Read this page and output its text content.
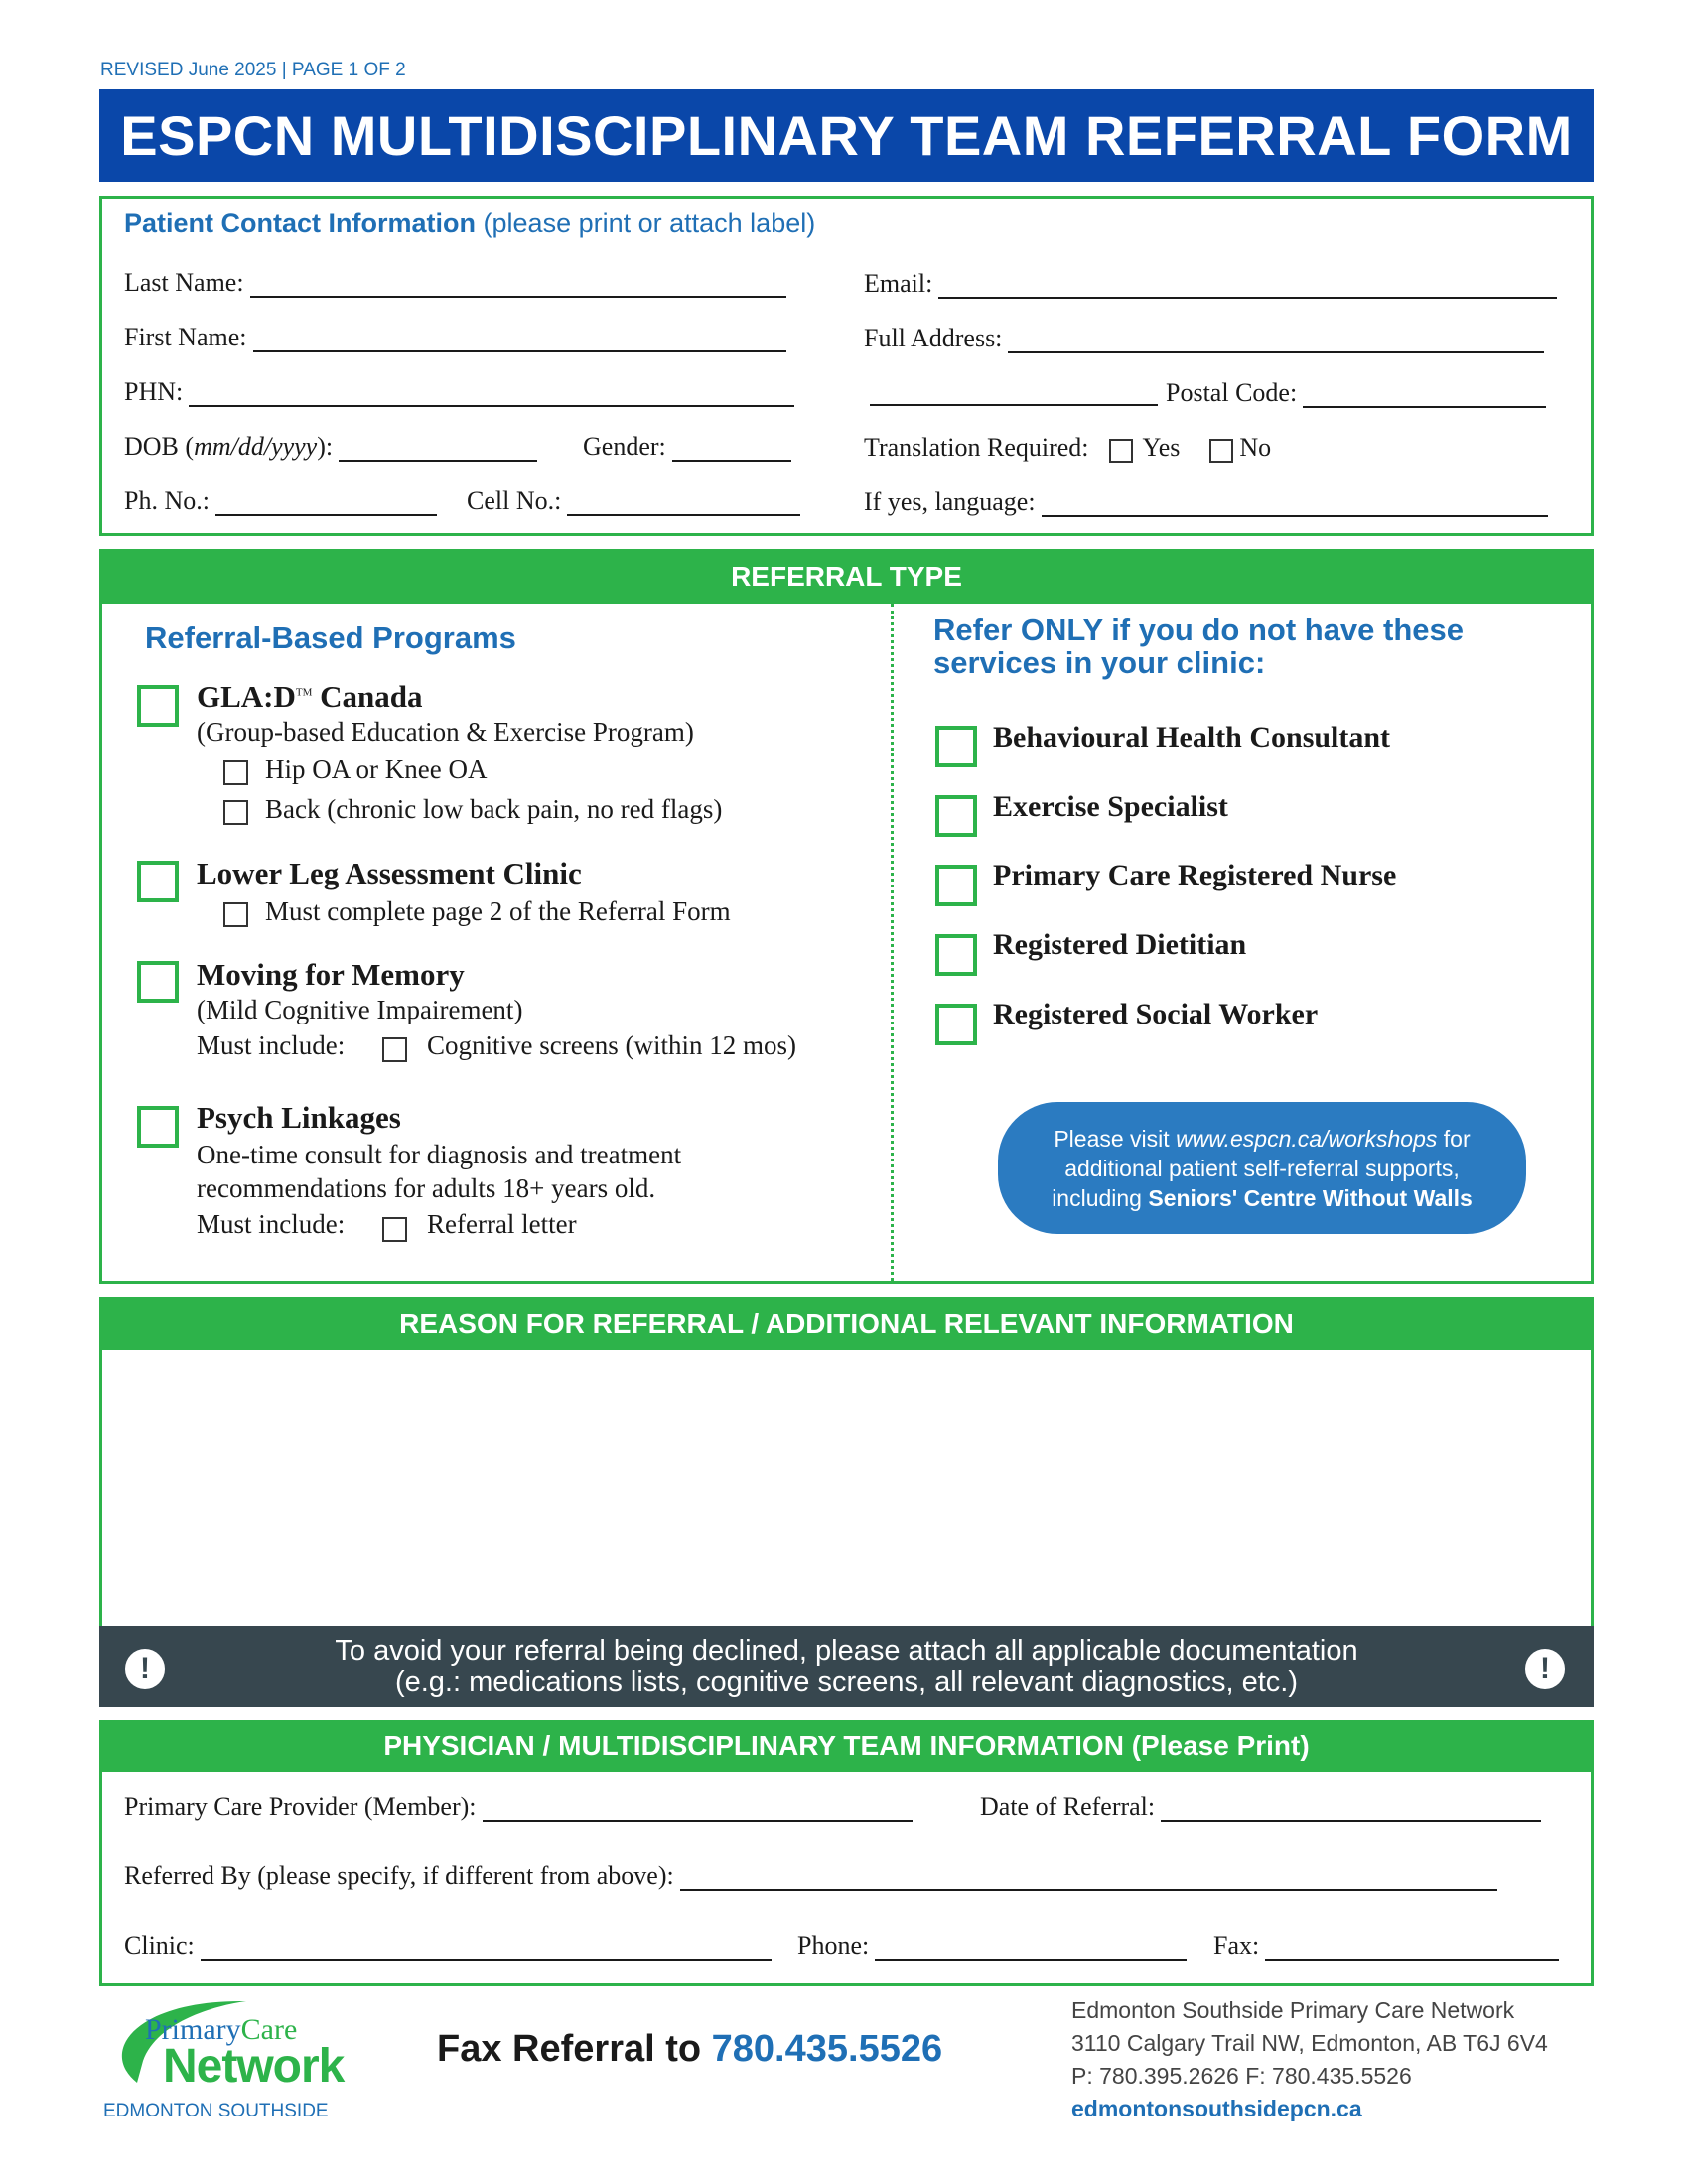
REVISED June 2025 | PAGE 1 OF 2
ESPCN MULTIDISCIPLINARY TEAM REFERRAL FORM
Patient Contact Information (please print or attach label)
Last Name:
First Name:
PHN:
DOB ( mm/dd/yyyy ):	Gender:
Ph. No.:	Cell No.:
Email:
Full Address:
Postal Code:
Translation Required: Yes No
If yes, language:
REFERRAL TYPE
Referral-Based Programs
GLA:D™ Canada
(Group-based Education & Exercise Program)
Hip OA or Knee OA
Back (chronic low back pain, no red flags)
Lower Leg Assessment Clinic
Must complete page 2 of the Referral Form
Moving for Memory
(Mild Cognitive Impairement)
Must include:	Cognitive screens (within 12 mos)
Psych Linkages
One-time consult for diagnosis and treatment
recommendations for adults 18+ years old.
Must include:	Referral letter
Refer ONLY if you do not have these
services in your clinic:
Behavioural Health Consultant
Exercise Specialist
Primary Care Registered Nurse
Registered Dietitian
Registered Social Worker
Please visit www.espcn.ca/workshops for
additional patient self-referral supports,
including Seniors' Centre Without Walls
REASON FOR REFERRAL / ADDITIONAL RELEVANT INFORMATION
To avoid your referral being declined, please attach all applicable documentation
(e.g.: medications lists, cognitive screens, all relevant diagnostics, etc.)
!	!
PHYSICIAN / MULTIDISCIPLINARY TEAM INFORMATION (Please Print)
Primary Care Provider (Member):	Date of Referral:
Referred By (please specify, if different from above):
Clinic:	Phone:	Fax:
PrimaryCare
Network
EDMONTON SOUTHSIDE
Fax Referral to 780.435.5526
Edmonton Southside Primary Care Network
3110 Calgary Trail NW, Edmonton, AB T6J 6V4
P: 780.395.2626 F: 780.435.5526
edmontonsouthsidepcn.ca
